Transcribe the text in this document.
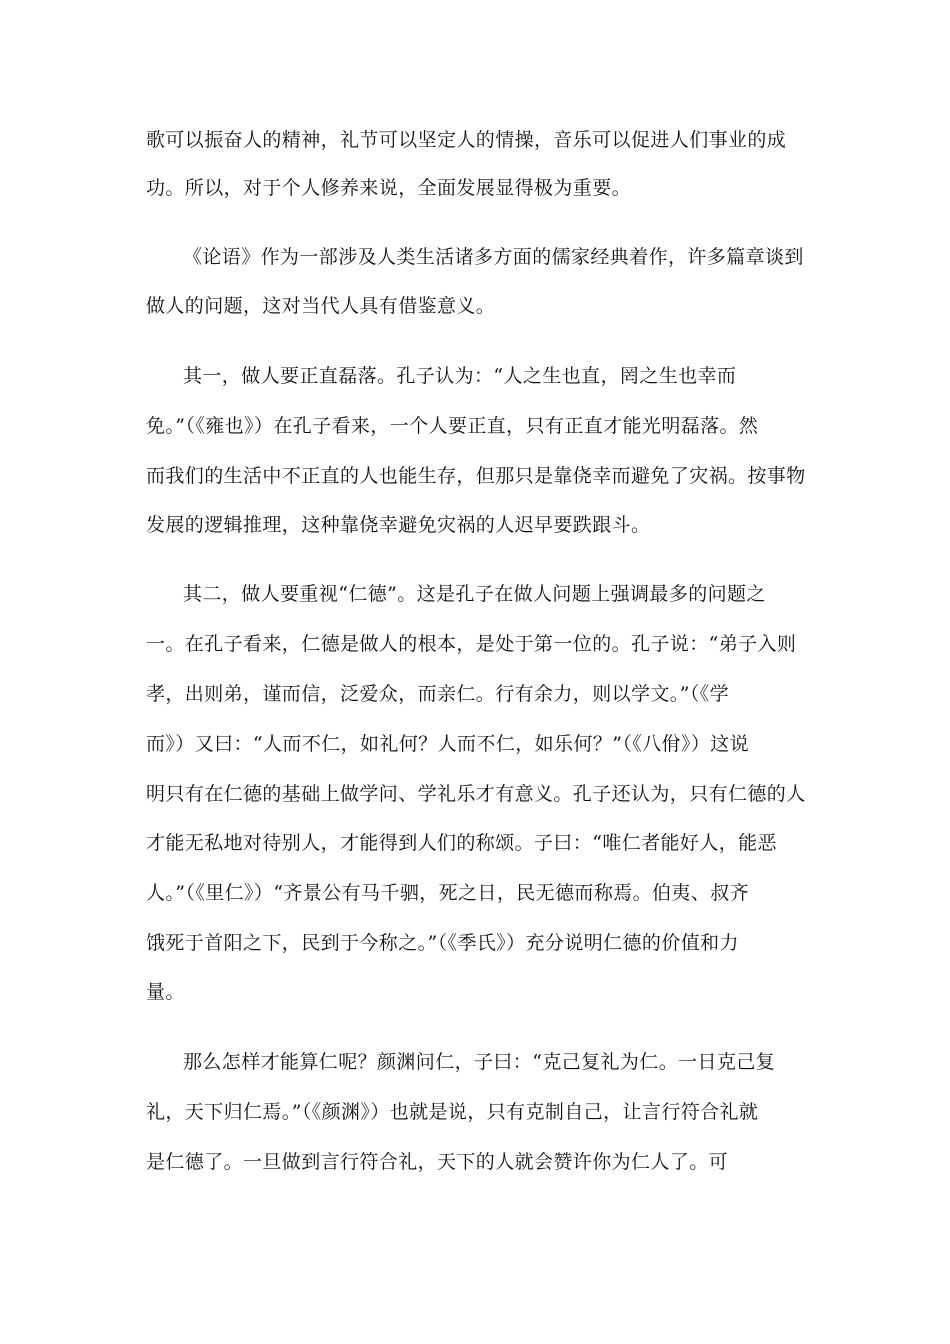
歌可以振奋人的精神，礼节可以坚定人的情操，音乐可以促进人们事业的成
功。所以，对于个人修养来说，全面发展显得极为重要。
《论语》作为一部涉及人类生活诸多方面的儒家经典着作，许多篇章谈到
做人的问题，这对当代人具有借鉴意义。
其一，做人要正直磊落。孔子认为：“人之生也直，罔之生也幸而
免。”（《雍也》）在孔子看来，一个人要正直，只有正直才能光明磊落。然
而我们的生活中不正直的人也能生存，但那只是靠侥幸而避免了灾祸。按事物
发展的逻辑推理，这种靠侥幸避免灾祸的人迟早要跌跟斗。
其二，做人要重视“仁德”。这是孔子在做人问题上强调最多的问题之
一。在孔子看来，仁德是做人的根本，是处于第一位的。孔子说：“弟子入则
孝，出则弟，谨而信，泛爱众，而亲仁。行有余力，则以学文。”（《学
而》）又曰：“人而不仁，如礼何？人而不仁，如乐何？”（《八佾》）这说
明只有在仁德的基础上做学问、学礼乐才有意义。孔子还认为，只有仁德的人
才能无私地对待别人，才能得到人们的称颂。子曰：“唯仁者能好人，能恶
人。”（《里仁》）“齐景公有马千驷，死之日，民无德而称焉。伯夷、叔齐
饿死于首阳之下，民到于今称之。”（《季氏》）充分说明仁德的价值和力
量。
那么怎样才能算仁呢？颜渊问仁，子曰：“克己复礼为仁。一日克己复
礼，天下归仁焉。”（《颜渊》）也就是说，只有克制自己，让言行符合礼就
是仁德了。一旦做到言行符合礼，天下的人就会赞许你为仁人了。可
